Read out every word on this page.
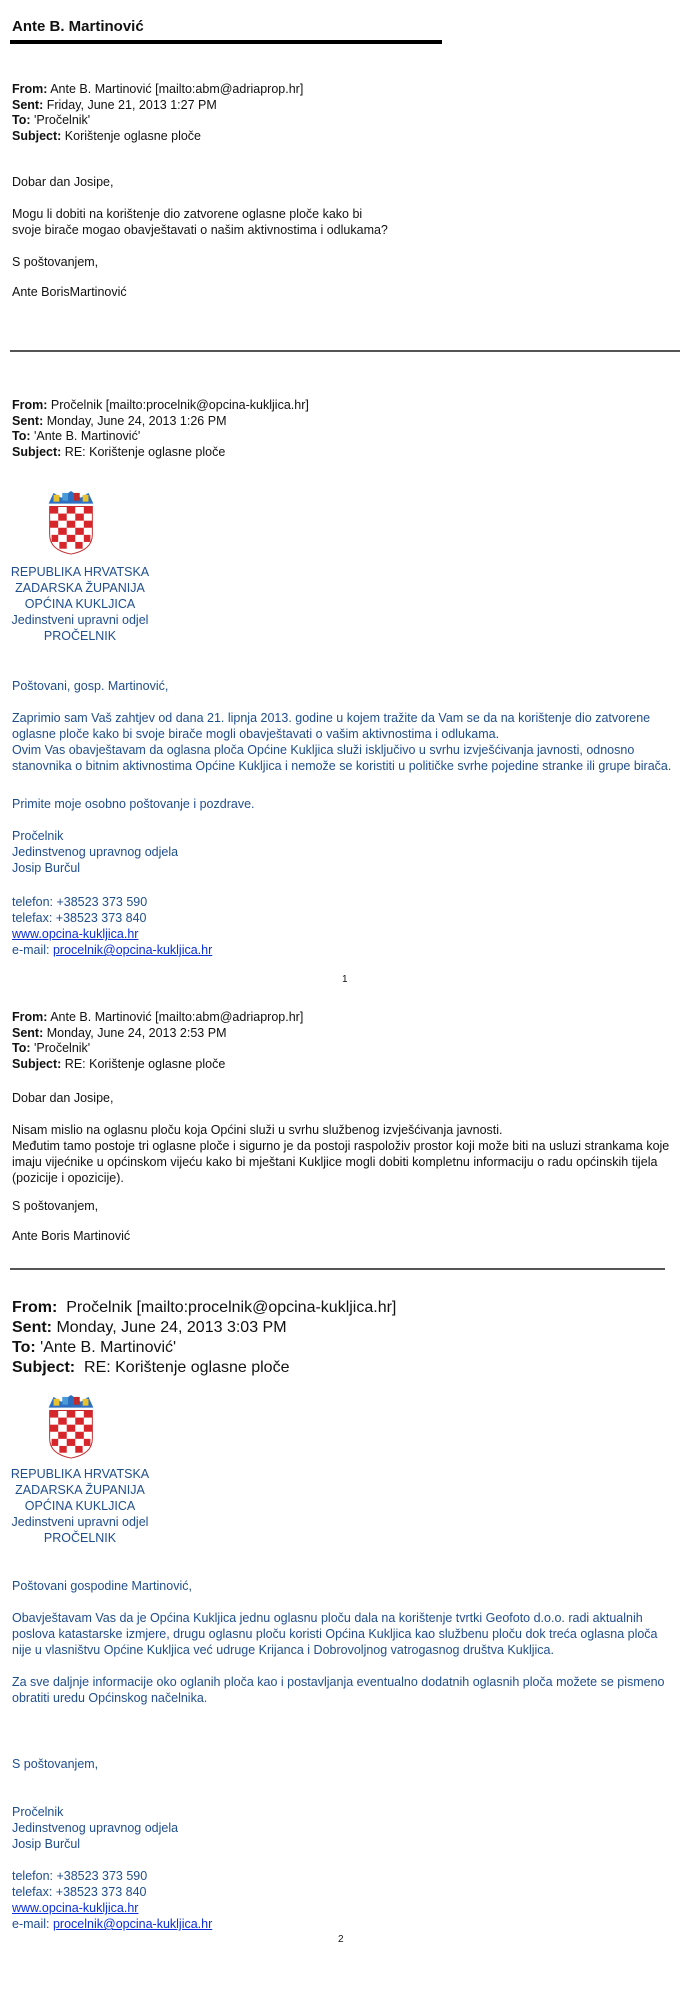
Ante B. Martinović
From: Ante B. Martinović [mailto:abm@adriaprop.hr]
Sent: Friday, June 21, 2013 1:27 PM
To: 'Pročelnik'
Subject: Korištenje oglasne ploče
Dobar dan Josipe,
Mogu li dobiti na korištenje dio zatvorene oglasne ploče kako bi
svoje birače mogao obavještavati o našim aktivnostima i odlukama?
S poštovanjem,
Ante BorisMartinović
From: Pročelnik [mailto:procelnik@opcina-kukljica.hr]
Sent: Monday, June 24, 2013 1:26 PM
To: 'Ante B. Martinović'
Subject: RE: Korištenje oglasne ploče
REPUBLIKA HRVATSKA
ZADARSKA ŽUPANIJA
OPĆINA KUKLJICA
Jedinstveni upravni odjel
PROČELNIK
Poštovani, gosp. Martinović,

Zaprimio sam Vaš zahtjev od dana 21. lipnja 2013. godine u kojem tražite da Vam se da na korištenje dio zatvorene oglasne ploče kako bi svoje birače mogli obavještavati o vašim aktivnostima i odlukama.

Ovim Vas obavještavam da oglasna ploča Općine Kukljica služi isključivo u svrhu izvješćivanja javnosti, odnosno stanovnika o bitnim aktivnostima Općine Kukljica i nemože se koristiti u političke svrhe pojedine stranke ili grupe birača.

Primite moje osobno poštovanje i pozdrave.
Pročelnik
Jedinstvenog upravnog odjela
Josip Burčul
telefon: +38523 373 590
telefax: +38523 373 840
www.opcina-kukljica.hr
e-mail: procelnik@opcina-kukljica.hr
1
From: Ante B. Martinović [mailto:abm@adriaprop.hr]
Sent: Monday, June 24, 2013 2:53 PM
To: 'Pročelnik'
Subject: RE: Korištenje oglasne ploče
Dobar dan Josipe,
Nisam mislio na oglasnu ploču koja Općini služi u svrhu službenog izvješćivanja javnosti.
Međutim tamo postoje tri oglasne ploče i sigurno je da postoji raspoloživ prostor koji može biti na usluzi strankama koje imaju vijećnike u općinskom vijeću kako bi mještani Kukljice mogli dobiti kompletnu informaciju o radu općinskih tijela (pozicije i opozicije).
S poštovanjem,
Ante Boris Martinović
From: Pročelnik [mailto:procelnik@opcina-kukljica.hr]
Sent: Monday, June 24, 2013 3:03 PM
To: 'Ante B. Martinović'
Subject: RE: Korištenje oglasne ploče
REPUBLIKA HRVATSKA
ZADARSKA ŽUPANIJA
OPĆINA KUKLJICA
Jedinstveni upravni odjel
PROČELNIK
Poštovani gospodine Martinović,
Obavještavam Vas da je Općina Kukljica jednu oglasnu ploču dala na korištenje tvrtki Geofoto d.o.o. radi aktualnih poslova katastarske izmjere, drugu oglasnu ploču koristi Općina Kukljica kao službenu ploču dok treća oglasna ploča nije u vlasništvu Općine Kukljica već udruge Krijanca i Dobrovoljnog vatrogasnog društva Kukljica.
Za sve daljnje informacije oko oglanih ploča kao i postavljanja eventualno dodatnih oglasnih ploča možete se pismeno obratiti uredu Općinskog načelnika.
S poštovanjem,
Pročelnik
Jedinstvenog upravnog odjela
Josip Burčul
telefon: +38523 373 590
telefax: +38523 373 840
www.opcina-kukljica.hr
e-mail: procelnik@opcina-kukljica.hr
2
